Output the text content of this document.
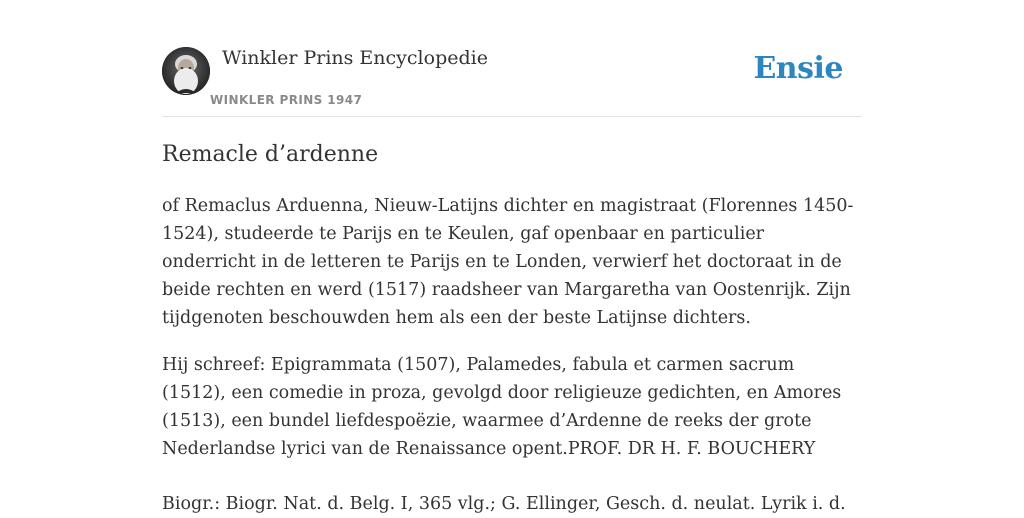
Winkler Prins Encyclopedie
WINKLER PRINS 1947
Ensie
Remacle d’ardenne

of Remaclus Arduenna, Nieuw-Latijns dichter en magistraat (Florennes 1450-1524), studeerde te Parijs en te Keulen, gaf openbaar en particulier onderricht in de letteren te Parijs en te Londen, verwierf het doctoraat in de beide rechten en werd (1517) raadsheer van Margaretha van Oostenrijk. Zijn tijdgenoten beschouwden hem als een der beste Latijnse dichters.

Hij schreef: Epigrammata (1507), Palamedes, fabula et carmen sacrum (1512), een comedie in proza, gevolgd door religieuze gedichten, en Amores (1513), een bundel liefdespoëzie, waarmee d’Ardenne de reeks der grote Nederlandse lyrici van de Renaissance opent.PROF. DR H. F. BOUCHERY

Biogr.: Biogr. Nat. d. Belg. I, 365 vlg.; G. Ellinger, Gesch. d. neulat. Lyrik i. d.
